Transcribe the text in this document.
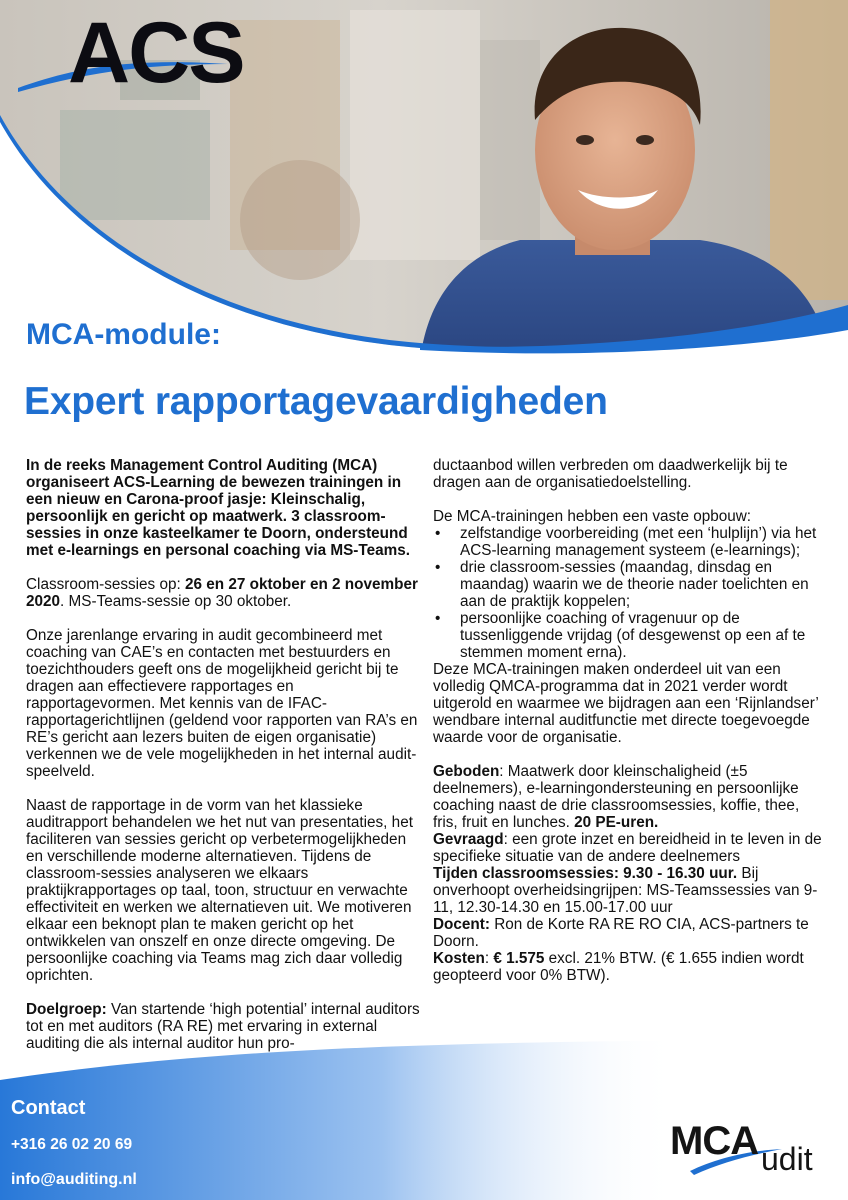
ACS
MCA-module:
Expert rapportagevaardigheden

In de reeks Management Control Auditing (MCA) organiseert ACS-Learning de bewezen trainingen in een nieuw en Carona-proof jasje: Kleinschalig, persoonlijk en gericht op maatwerk. 3 classroom-sessies in onze kasteelkamer te Doorn, ondersteund met e-learnings en personal coaching via MS-Teams.

Classroom-sessies op: 26 en 27 oktober en 2 november 2020. MS-Teams-sessie op 30 oktober.

Onze jarenlange ervaring in audit gecombineerd met coaching van CAE’s en contacten met bestuurders en toezichthouders geeft ons de mogelijkheid gericht bij te dragen aan effectievere rapportages en rapportagevormen. Met kennis van de IFAC-rapportagerichtlijnen (geldend voor rapporten van RA’s en RE’s gericht aan lezers buiten de eigen organisatie) verkennen we de vele mogelijkheden in het internal audit-speelveld.

Naast de rapportage in de vorm van het klassieke auditrapport behandelen we het nut van presentaties, het faciliteren van sessies gericht op verbetermogelijkheden en verschillende moderne alternatieven. Tijdens de classroom-sessies analyseren we elkaars praktijkrapportages op taal, toon, structuur en verwachte effectiviteit en werken we alternatieven uit. We motiveren elkaar een beknopt plan te maken gericht op het ontwikkelen van onszelf en onze directe omgeving. De persoonlijke coaching via Teams mag zich daar volledig oprichten.

Doelgroep: Van startende ‘high potential’ internal auditors tot en met auditors (RA RE) met ervaring in external auditing die als internal auditor hun pro-

ductaanbod willen verbreden om daadwerkelijk bij te dragen aan de organisatiedoelstelling.

De MCA-trainingen hebben een vaste opbouw:
• zelfstandige voorbereiding (met een ‘hulplijn’) via het ACS-learning management systeem (e-learnings);
• drie classroom-sessies (maandag, dinsdag en maandag) waarin we de theorie nader toelichten en aan de praktijk koppelen;
• persoonlijke coaching of vragenuur op de tussenliggende vrijdag (of desgewenst op een af te stemmen moment erna).

Deze MCA-trainingen maken onderdeel uit van een volledig QMCA-programma dat in 2021 verder wordt uitgerold en waarmee we bijdragen aan een ‘Rijnlandser’ wendbare internal auditfunctie met directe toegevoegde waarde voor de organisatie.

Geboden: Maatwerk door kleinschaligheid (±5 deelnemers), e-learningondersteuning en persoonlijke coaching naast de drie classroomsessies, koffie, thee, fris, fruit en lunches. 20 PE-uren.
Gevraagd: een grote inzet en bereidheid in te leven in de specifieke situatie van de andere deelnemers
Tijden classroomsessies: 9.30 - 16.30 uur. Bij onverhoopt overheidsingrijpen: MS-Teamssessies van 9-11, 12.30-14.30 en 15.00-17.00 uur
Docent: Ron de Korte RA RE RO CIA, ACS-partners te Doorn.
Kosten: € 1.575 excl. 21% BTW. (€ 1.655 indien wordt geopteerd voor 0% BTW).
Contact
+316 26 02 20 69
info@auditing.nl
MCA udit
